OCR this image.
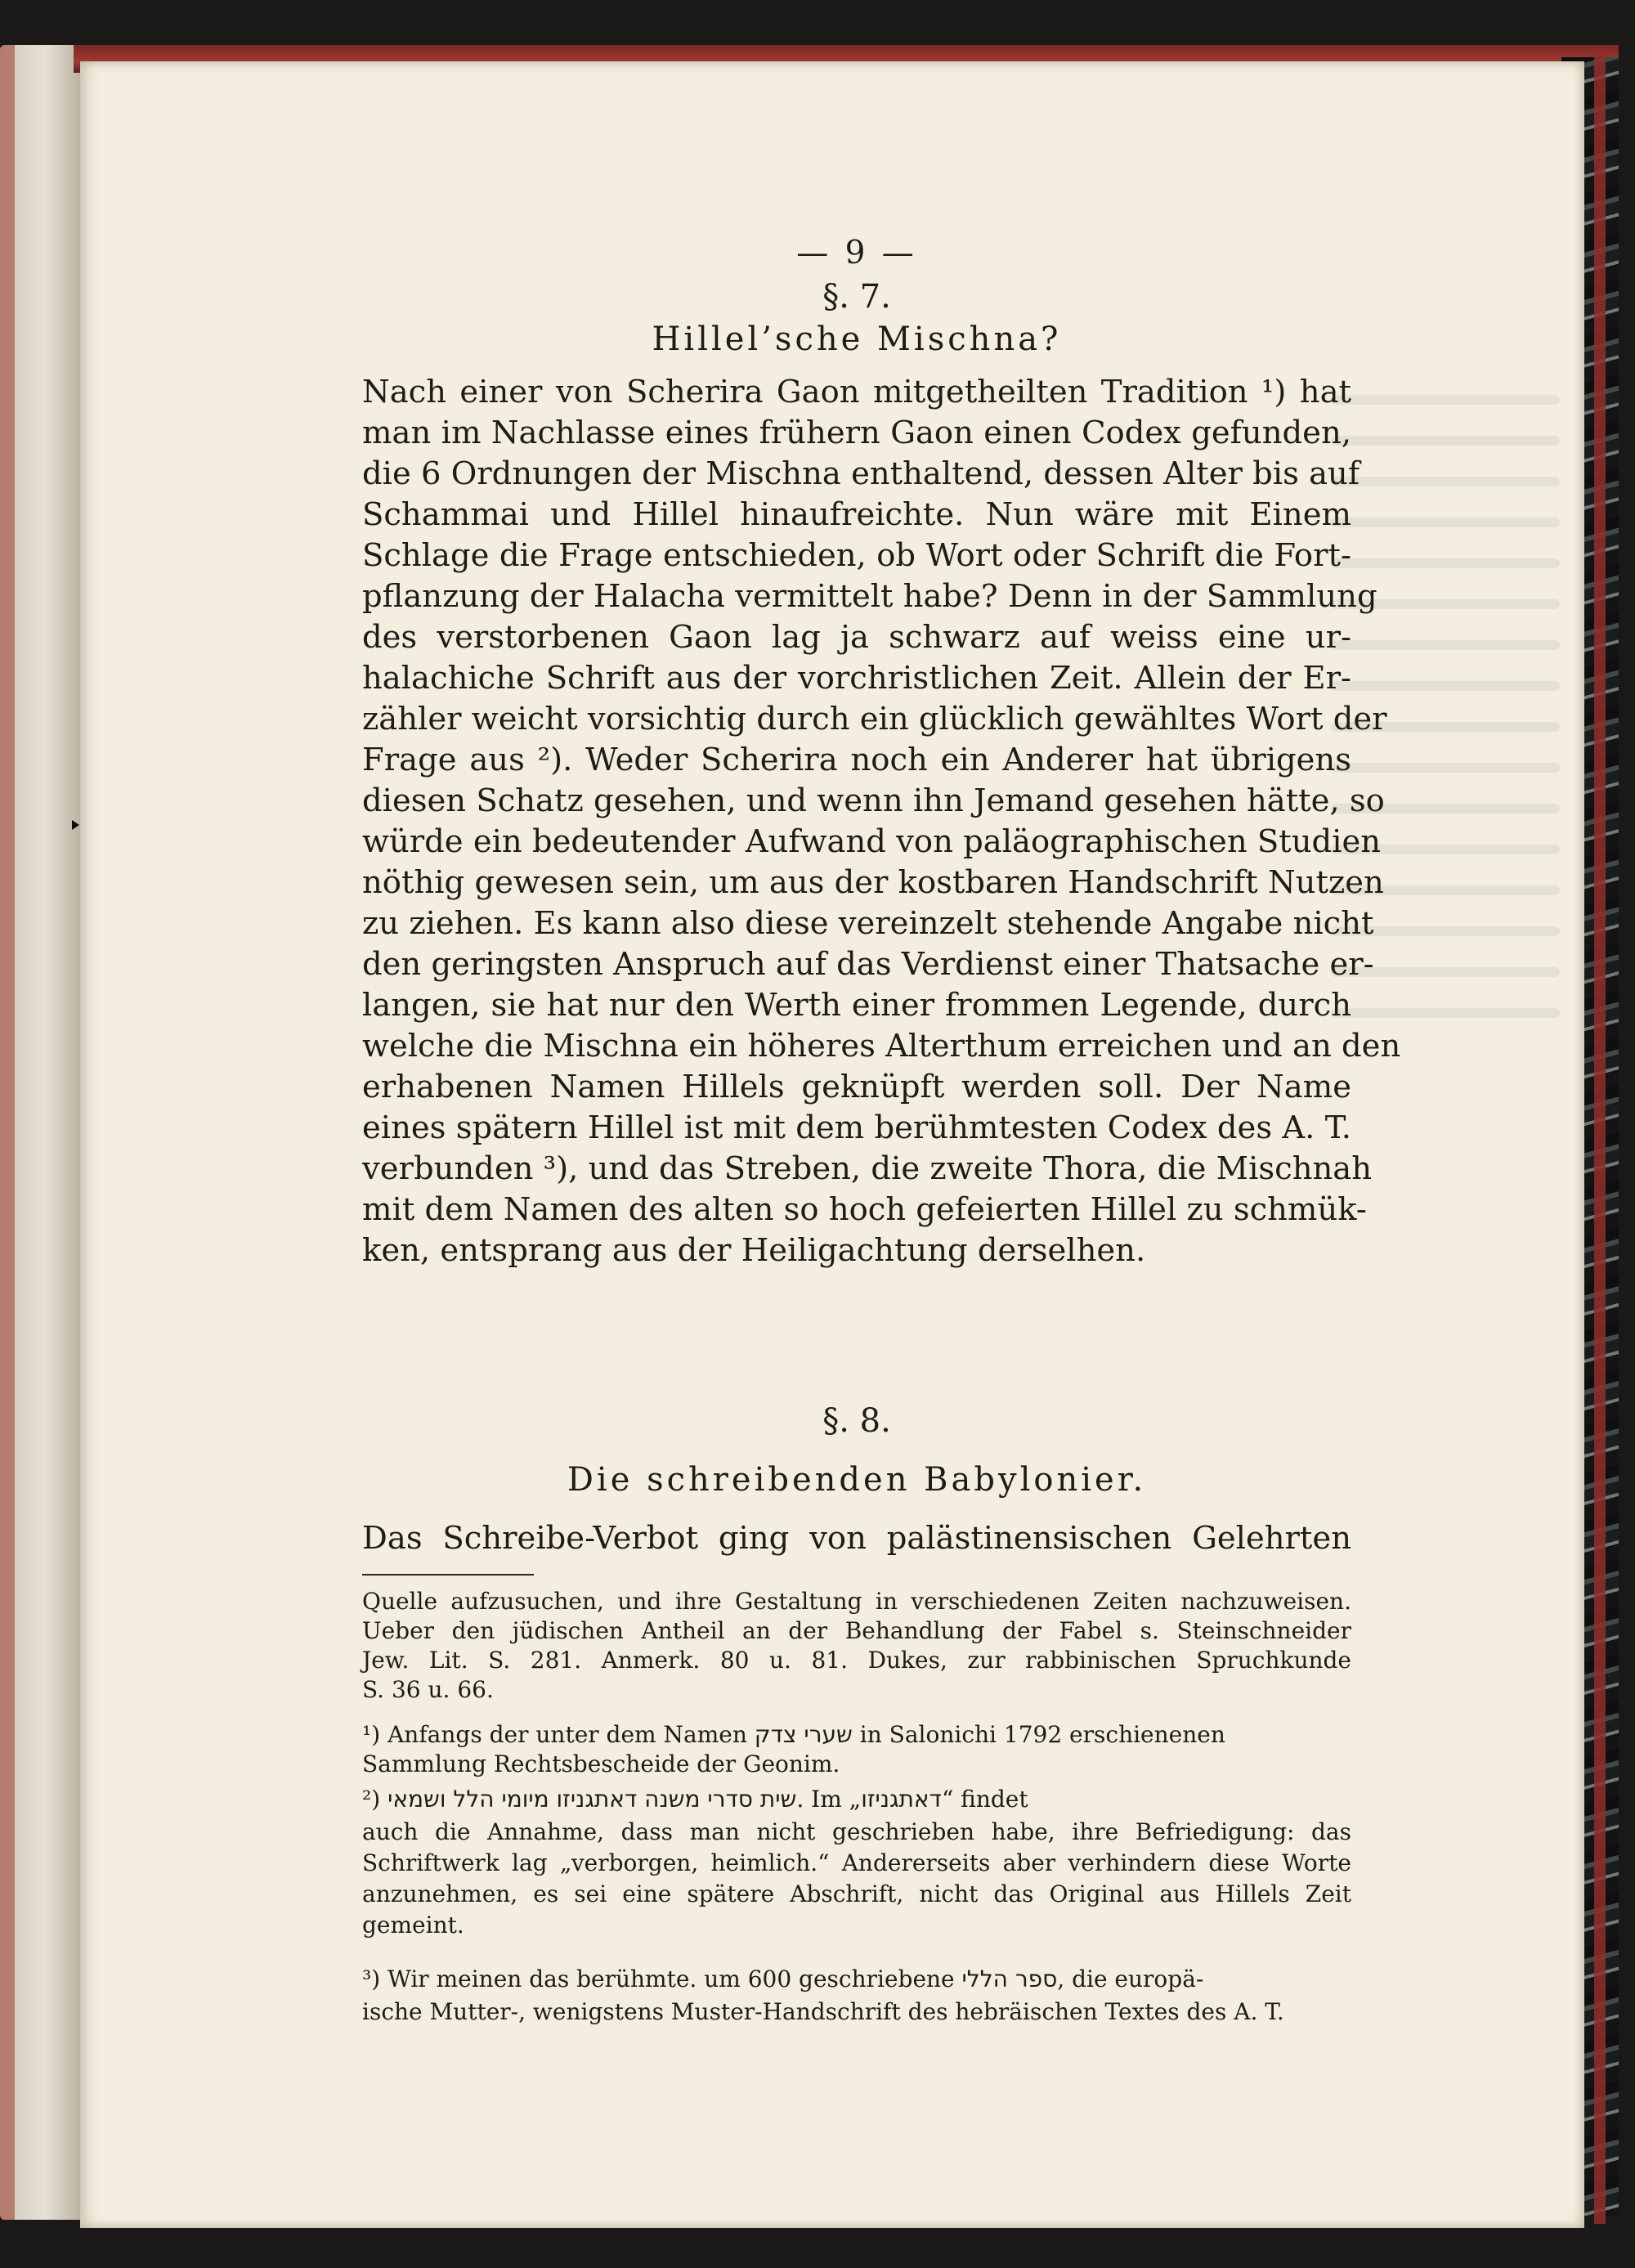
— 9 —
§. 7.
Hillel’sche Mischna?
Nach einer von Scherira Gaon mitgetheilten Tradition ¹) hat
man im Nachlasse eines frühern Gaon einen Codex gefunden,
die 6 Ordnungen der Mischna enthaltend, dessen Alter bis auf
Schammai und Hillel hinaufreichte. Nun wäre mit Einem
Schlage die Frage entschieden, ob Wort oder Schrift die Fort-
pflanzung der Halacha vermittelt habe? Denn in der Sammlung
des verstorbenen Gaon lag ja schwarz auf weiss eine ur-
halachiche Schrift aus der vorchristlichen Zeit. Allein der Er-
zähler weicht vorsichtig durch ein glücklich gewähltes Wort der
Frage aus ²). Weder Scherira noch ein Anderer hat übrigens
diesen Schatz gesehen, und wenn ihn Jemand gesehen hätte, so
würde ein bedeutender Aufwand von paläographischen Studien
nöthig gewesen sein, um aus der kostbaren Handschrift Nutzen
zu ziehen. Es kann also diese vereinzelt stehende Angabe nicht
den geringsten Anspruch auf das Verdienst einer Thatsache er-
langen, sie hat nur den Werth einer frommen Legende, durch
welche die Mischna ein höheres Alterthum erreichen und an den
erhabenen Namen Hillels geknüpft werden soll. Der Name
eines spätern Hillel ist mit dem berühmtesten Codex des A. T.
verbunden ³), und das Streben, die zweite Thora, die Mischnah
mit dem Namen des alten so hoch gefeierten Hillel zu schmük-
ken, entsprang aus der Heiligachtung derselhen.
§. 8.
Die schreibenden Babylonier.
Das Schreibe-Verbot ging von palästinensischen Gelehrten
Quelle aufzusuchen, und ihre Gestaltung in verschiedenen Zeiten nachzuweisen.
Ueber den jüdischen Antheil an der Behandlung der Fabel s. Steinschneider
Jew. Lit. S. 281. Anmerk. 80 u. 81. Dukes, zur rabbinischen Spruchkunde
S. 36 u. 66.
¹) Anfangs der unter dem Namen שערי צדק in Salonichi 1792 erschienenen
Sammlung Rechtsbescheide der Geonim.
²) שית סדרי משנה דאתגניזו מיומי הלל ושמאי. Im „דאתגניזו“ findet
auch die Annahme, dass man nicht geschrieben habe, ihre Befriedigung: das
Schriftwerk lag „verborgen, heimlich.“ Andererseits aber verhindern diese Worte
anzunehmen, es sei eine spätere Abschrift, nicht das Original aus Hillels Zeit
gemeint.
³) Wir meinen das berühmte. um 600 geschriebene ספר הללי, die europä-
ische Mutter-, wenigstens Muster-Handschrift des hebräischen Textes des A. T.
